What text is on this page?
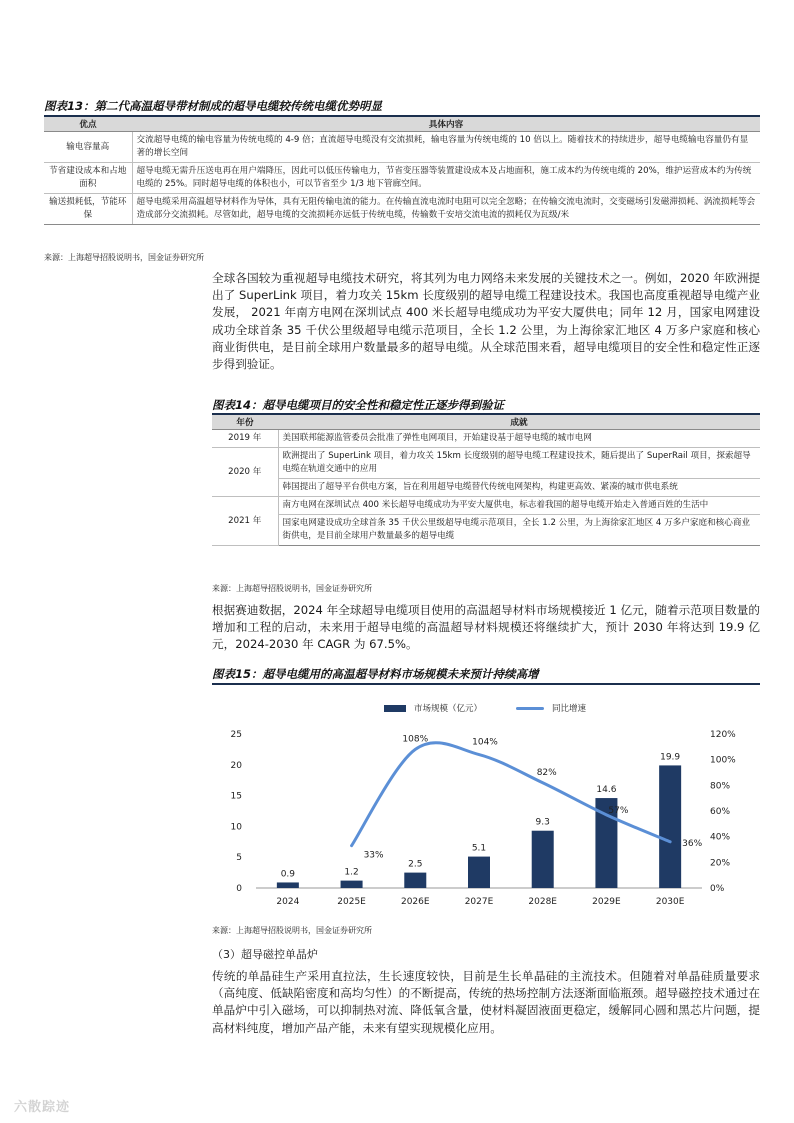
图表13：第二代高温超导带材制成的超导电缆较传统电缆优势明显
优点	具体内容
输电容量高	交流超导电缆的输电容量为传统电缆的 4-9 倍；直流超导电缆没有交流损耗，输电容量为传统电缆的 10 倍以上。随着技术的持续进步，超导电缆输电容量仍有显著的增长空间
节省建设成本和占地面积	超导电缆无需升压送电再在用户端降压，因此可以低压传输电力，节省变压器等装置建设成本及占地面积，施工成本约为传统电缆的 20%，维护运营成本约为传统电缆的 25%。同时超导电缆的体积也小，可以节省至少 1/3 地下管廊空间。
输送损耗低，节能环保	超导电缆采用高温超导材料作为导体，具有无阻传输电流的能力。在传输直流电流时电阻可以完全忽略；在传输交流电流时，交变磁场引发磁滞损耗、涡流损耗等会造成部分交流损耗。尽管如此，超导电缆的交流损耗亦远低于传统电缆，传输数千安培交流电流的损耗仅为瓦级/米
来源：上海超导招股说明书，国金证券研究所
全球各国较为重视超导电缆技术研究，将其列为电力网络未来发展的关键技术之一。例如，2020 年欧洲提出了 SuperLink 项目，着力攻关 15km 长度级别的超导电缆工程建设技术。我国也高度重视超导电缆产业发展， 2021 年南方电网在深圳试点 400 米长超导电缆成功为平安大厦供电；同年 12 月，国家电网建设成功全球首条 35 千伏公里级超导电缆示范项目，全长 1.2 公里，为上海徐家汇地区 4 万多户家庭和核心商业街供电，是目前全球用户数量最多的超导电缆。从全球范围来看，超导电缆项目的安全性和稳定性正逐步得到验证。
图表14：超导电缆项目的安全性和稳定性正逐步得到验证
年份	成就
2019 年	美国联邦能源监管委员会批准了弹性电网项目，开始建设基于超导电缆的城市电网
2020 年	欧洲提出了 SuperLink 项目，着力攻关 15km 长度级别的超导电缆工程建设技术，随后提出了 SuperRail 项目，探索超导电缆在轨道交通中的应用
	韩国提出了超导平台供电方案，旨在利用超导电缆替代传统电网架构，构建更高效、紧凑的城市供电系统
2021 年	南方电网在深圳试点 400 米长超导电缆成功为平安大厦供电，标志着我国的超导电缆开始走入普通百姓的生活中
	国家电网建设成功全球首条 35 千伏公里级超导电缆示范项目，全长 1.2 公里，为上海徐家汇地区 4 万多户家庭和核心商业街供电，是目前全球用户数量最多的超导电缆
来源：上海超导招股说明书，国金证券研究所
根据赛迪数据，2024 年全球超导电缆项目使用的高温超导材料市场规模接近 1 亿元，随着示范项目数量的增加和工程的启动，未来用于超导电缆的高温超导材料规模还将继续扩大，预计 2030 年将达到 19.9 亿元，2024-2030 年 CAGR 为 67.5%。
图表15：超导电缆用的高温超导材料市场规模未来预计持续高增
市场规模（亿元）	同比增速
0
5
10
15
20
25
0%
20%
40%
60%
80%
100%
120%
2024	2025E	2026E	2027E	2028E	2029E	2030E
0.9	1.2
2.5
5.1
9.3
14.6
19.9
33%
108%	104%
82%
57%
36%
来源：上海超导招股说明书，国金证券研究所
（3）超导磁控单晶炉
传统的单晶硅生产采用直拉法，生长速度较快，目前是生长单晶硅的主流技术。但随着对单晶硅质量要求（高纯度、低缺陷密度和高均匀性）的不断提高，传统的热场控制方法逐渐面临瓶颈。超导磁控技术通过在单晶炉中引入磁场，可以抑制热对流、降低氧含量，使材料凝固液面更稳定，缓解同心圆和黑芯片问题，提高材料纯度，增加产品产能，未来有望实现规模化应用。
六散踪迹
